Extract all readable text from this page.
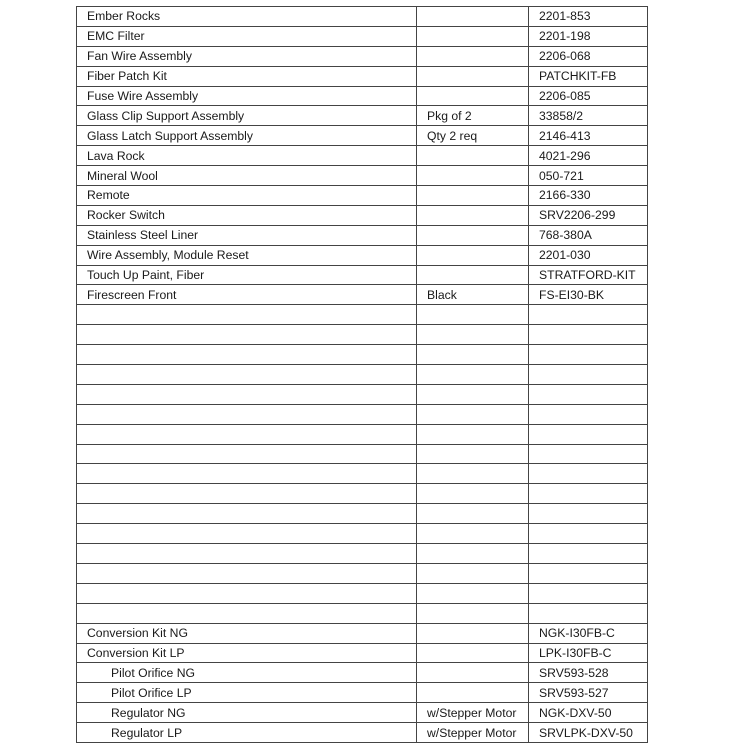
Ember Rocks		2201-853
EMC Filter		2201-198
Fan Wire Assembly		2206-068
Fiber Patch Kit		PATCHKIT-FB
Fuse Wire Assembly		2206-085
Glass Clip Support Assembly	Pkg of 2	33858/2
Glass Latch Support Assembly	Qty 2 req	2146-413
Lava Rock		4021-296
Mineral Wool		050-721
Remote		2166-330
Rocker Switch		SRV2206-299
Stainless Steel Liner		768-380A
Wire Assembly, Module Reset		2201-030
Touch Up Paint, Fiber		STRATFORD-KIT
Firescreen Front	Black	FS-EI30-BK

Conversion Kit NG		NGK-I30FB-C
Conversion Kit LP		LPK-I30FB-C
Pilot Orifice NG		SRV593-528
Pilot Orifice LP		SRV593-527
Regulator NG	w/Stepper Motor	NGK-DXV-50
Regulator LP	w/Stepper Motor	SRVLPK-DXV-50
